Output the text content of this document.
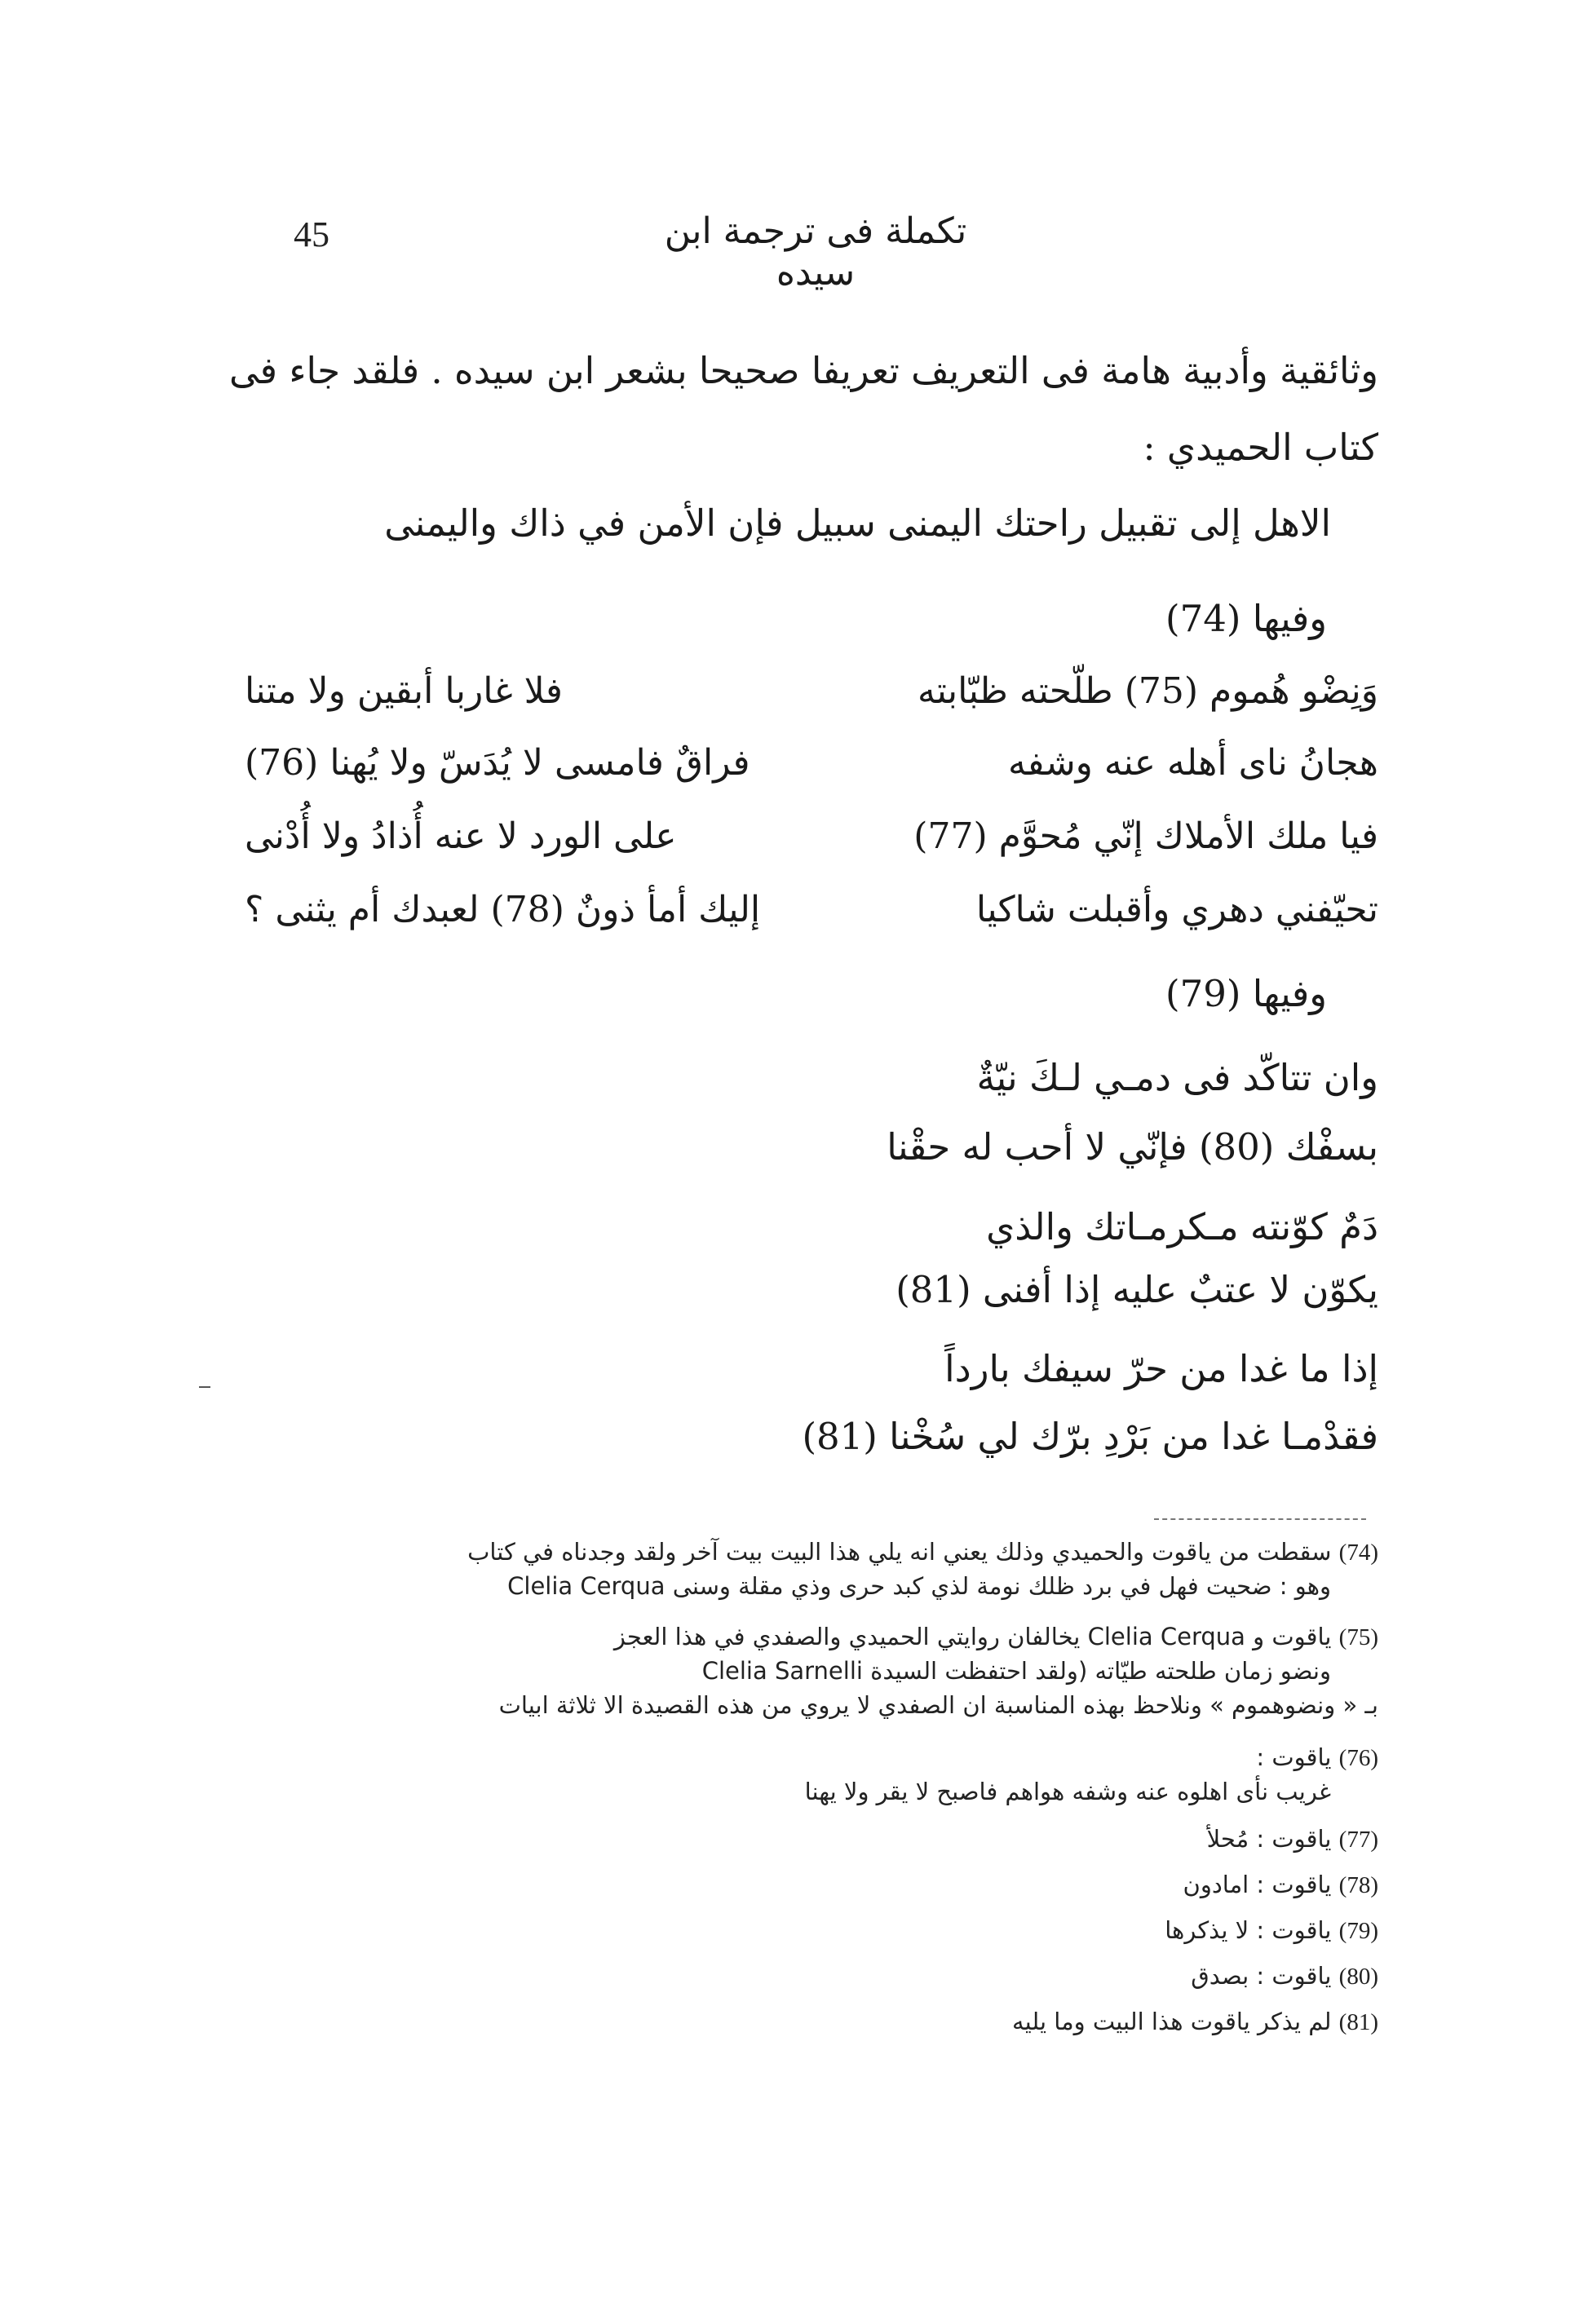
45	تكملة فى ترجمة ابن سيده
وثائقية وأدبية هامة فى التعريف تعريفا صحيحا بشعر ابن سيده . فلقد جاء فى
كتاب الحميدي :
الاهل إلى تقبيل راحتك اليمنى سبيل فإن الأمن في ذاك واليمنى
وفيها (74)
وَنِضْو هُموم (75) طلّحته ظبّابته
فلا غاربا أبقين ولا متنا
هجانُ ناى أهله عنه وشفه
فراقٌ فامسى لا يُدَسّ ولا يُهنا (76)
فيا ملك الأملاك إنّي مُحوَّم (77)
على الورد لا عنه أُذادُ ولا أُدْنى
تحيّفني دهري وأقبلت شاكيا
إليك أمأ ذونٌ (78) لعبدك أم يثنى ؟
وفيها (79)
وان تتاكّد فى دمـي لـكَ نيّةٌ
بسفْك (80) فإنّي لا أحب له حقْنا
دَمٌ كوّنته مـكرمـاتك والذي
يكوّن لا عتبٌ عليه إذا أفنى (81)
إذا ما غدا من حرّ سيفك بارداً
فقدْمـا غدا من بَرْدِ برّك لي سُخْنا (81)
(74) سقطت من ياقوت والحميدي وذلك يعني انه يلي هذا البيت بيت آخر ولقد وجدناه في كتاب
Clelia Cerqua وهو : ضحيت فهل في برد ظلك نومة لذي كبد حرى وذي مقلة وسنى
(75) ياقوت و Clelia Cerqua يخالفان روايتي الحميدي والصفدي في هذا العجز
ونضو زمان طلحته طيّاته (ولقد احتفظت السيدة Clelia Sarnelli
بـ « ونضوهموم » ونلاحظ بهذه المناسبة ان الصفدي لا يروي من هذه القصيدة الا ثلاثة ابيات
(76) ياقوت :
غريب نأى اهلوه عنه وشفه هواهم فاصبح لا يقر ولا يهنا
(77) ياقوت : مُحلأ
(78) ياقوت : امادون
(79) ياقوت : لا يذكرها
(80) ياقوت : بصدق
(81) لم يذكر ياقوت هذا البيت وما يليه
